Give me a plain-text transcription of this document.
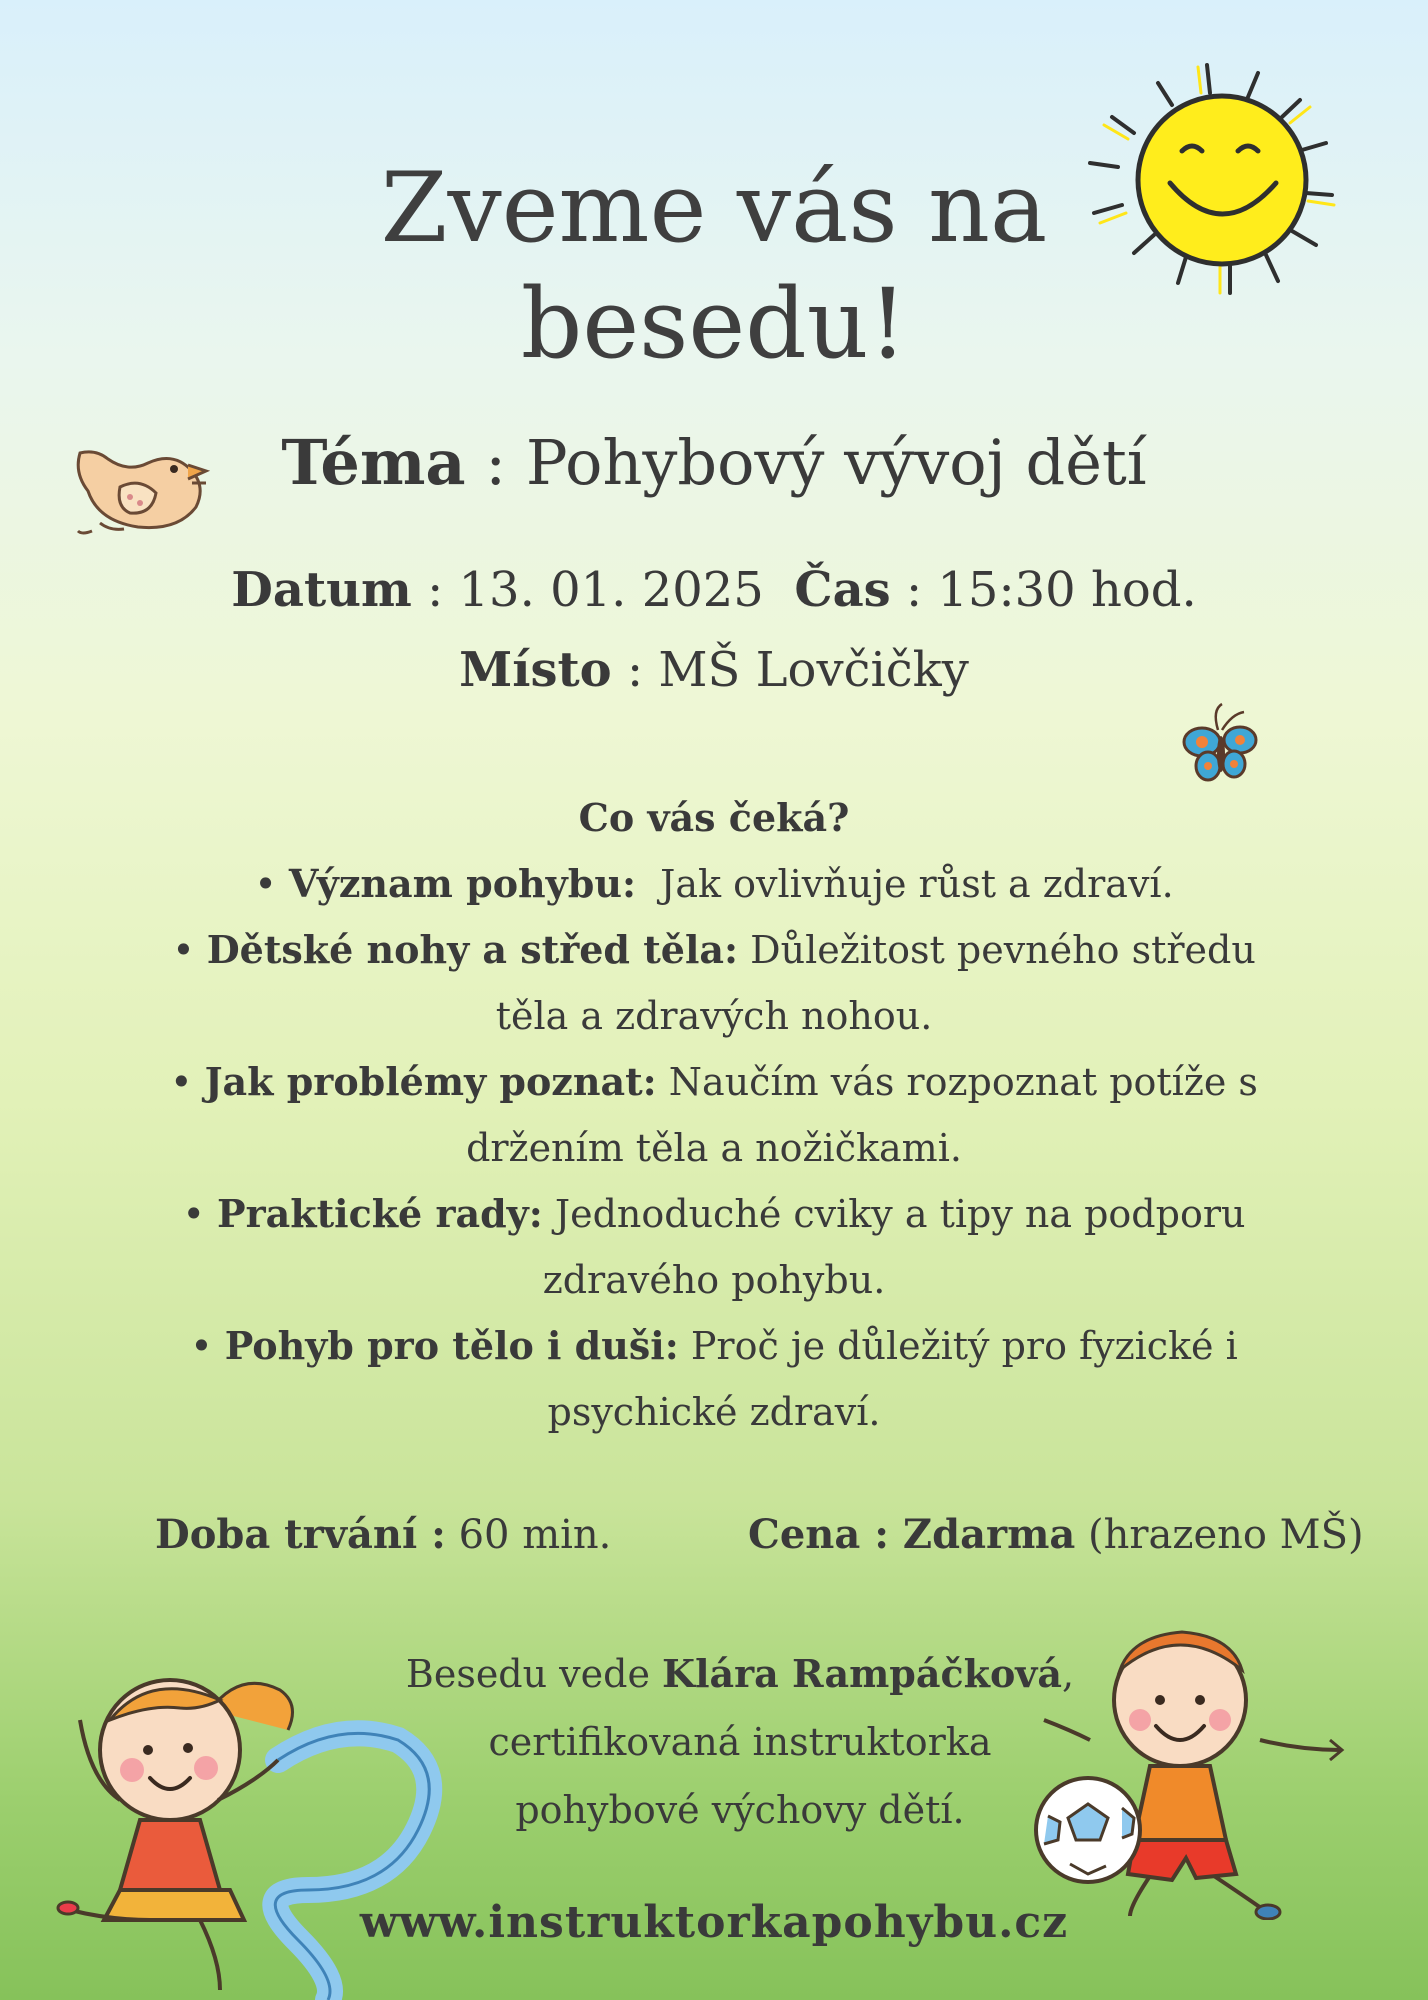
Zveme vás na
besedu!
Téma : Pohybový vývoj dětí
Datum : 13. 01. 2025 Čas : 15:30 hod.
Místo : MŠ Lovčičky
Co vás čeká?
• Význam pohybu: Jak ovlivňuje růst a zdraví.
• Dětské nohy a střed těla: Důležitost pevného středu
těla a zdravých nohou.
• Jak problémy poznat: Naučím vás rozpoznat potíže s
držením těla a nožičkami.
• Praktické rady: Jednoduché cviky a tipy na podporu
zdravého pohybu.
• Pohyb pro tělo i duši: Proč je důležitý pro fyzické i
psychické zdraví.
Doba trvání : 60 min.	Cena : Zdarma (hrazeno MŠ)
Besedu vede Klára Rampáčková,
certifikovaná instruktorka
pohybové výchovy dětí.
www.instruktorkapohybu.cz
